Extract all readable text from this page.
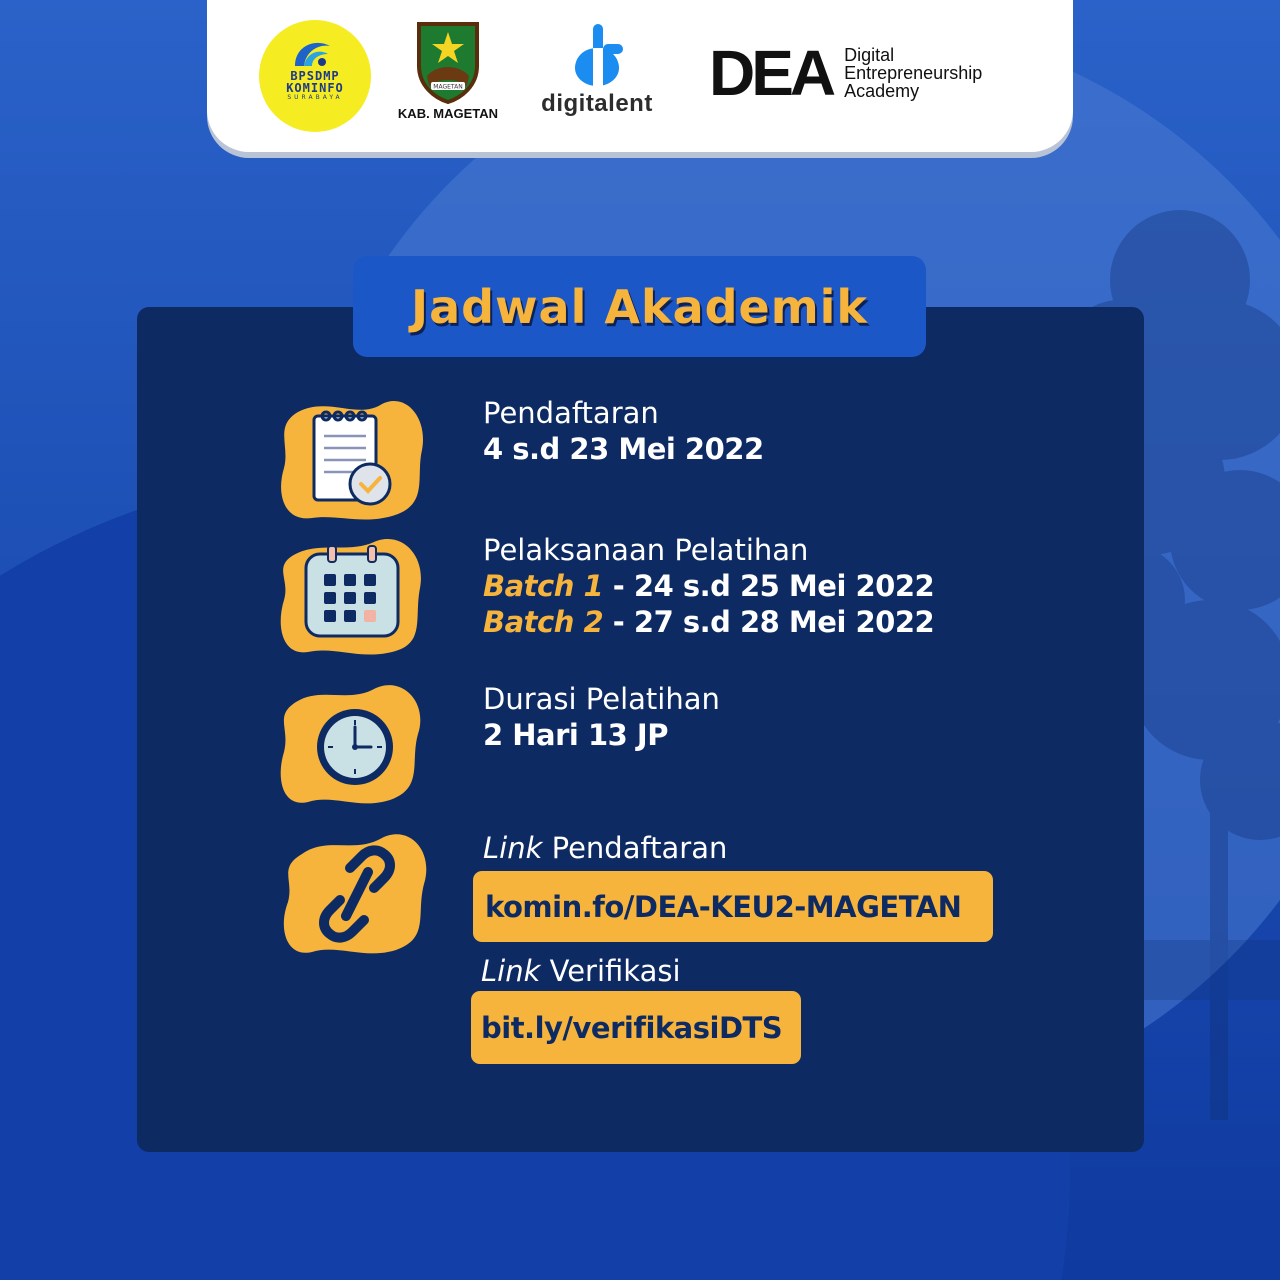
BPSDMP
KOMINFO
SURABAYA
MAGETAN
KAB. MAGETAN	digitalent DEA Digital
Entrepreneurship
Academy
Jadwal Akademik
Pendaftaran
4 s.d 23 Mei 2022
Pelaksanaan Pelatihan
Batch 1 - 24 s.d 25 Mei 2022
Batch 2 - 27 s.d 28 Mei 2022
Durasi Pelatihan
2 Hari 13 JP
Link Pendaftaran
komin.fo/DEA-KEU2-MAGETAN
Link Verifikasi
bit.ly/verifikasiDTS
